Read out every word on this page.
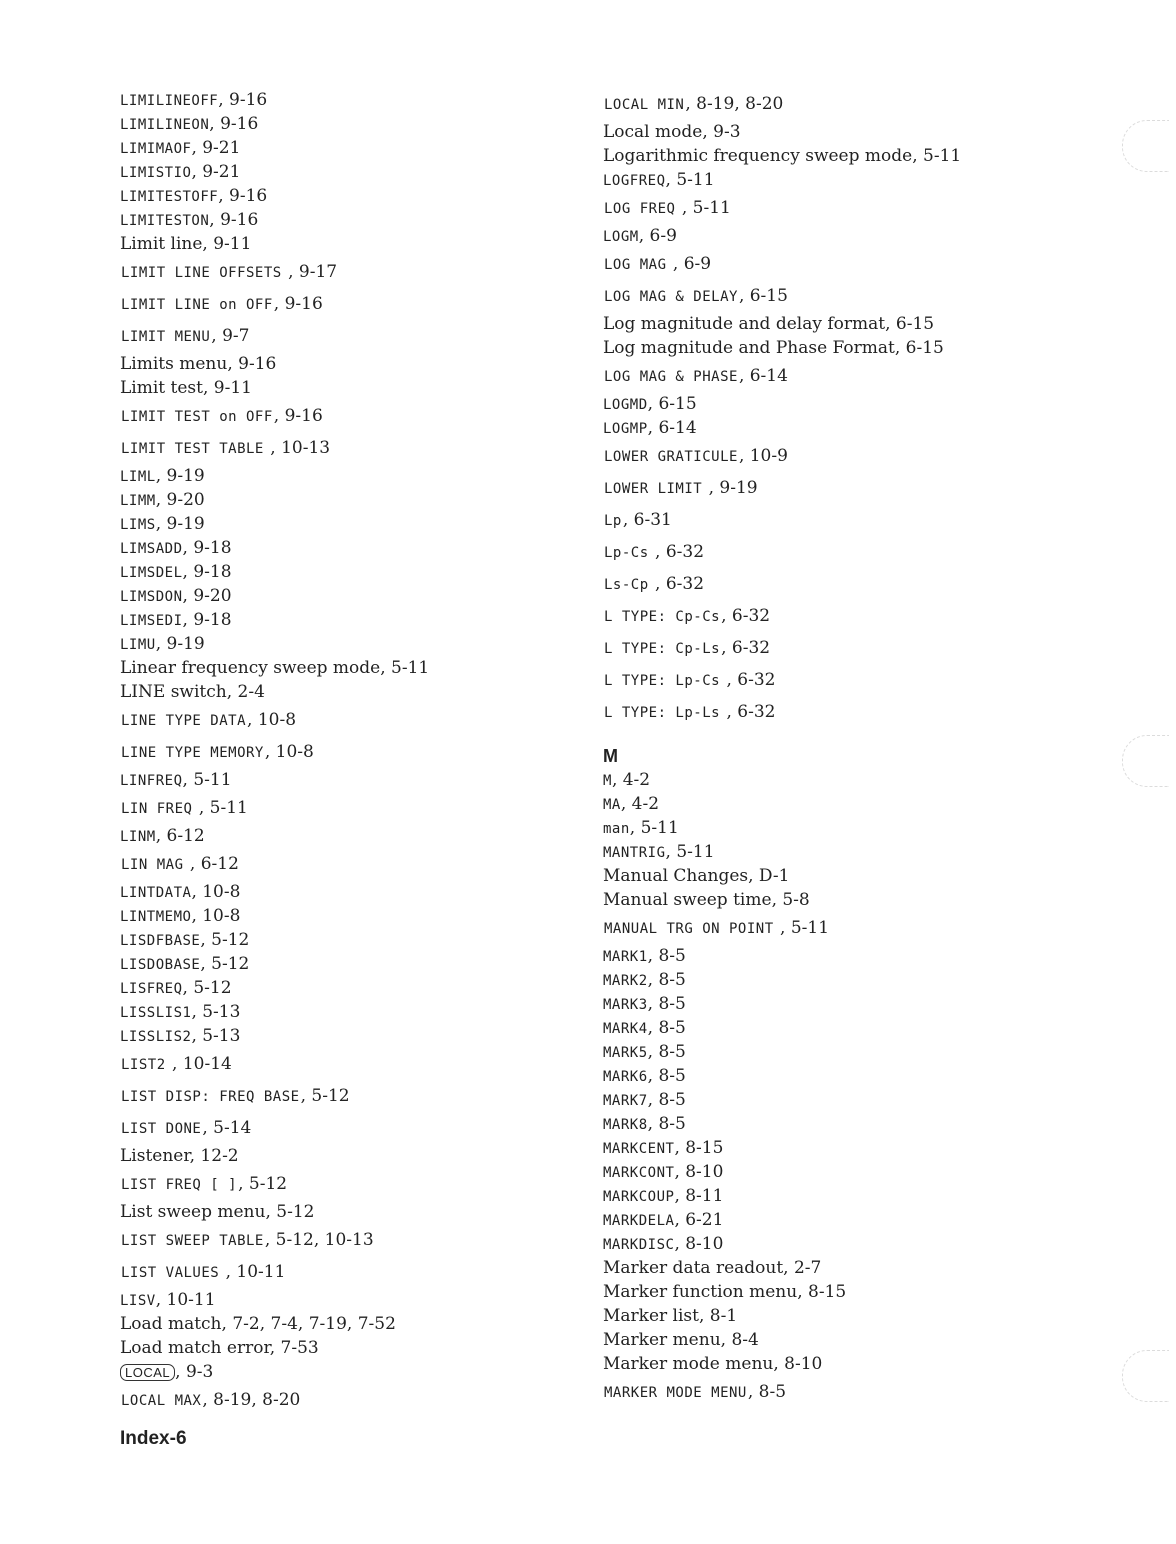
LIMILINEOFF, 9-16
LIMILINEON, 9-16
LIMIMAOF, 9-21
LIMISTIO, 9-21
LIMITESTOFF, 9-16
LIMITESTON, 9-16
Limit line, 9-11
LIMIT LINE OFFSETS , 9-17
LIMIT LINE on OFF, 9-16
LIMIT MENU, 9-7
Limits menu, 9-16
Limit test, 9-11
LIMIT TEST on OFF, 9-16
LIMIT TEST TABLE , 10-13
LIML, 9-19
LIMM, 9-20
LIMS, 9-19
LIMSADD, 9-18
LIMSDEL, 9-18
LIMSDON, 9-20
LIMSEDI, 9-18
LIMU, 9-19
Linear frequency sweep mode, 5-11
LINE switch, 2-4
LINE TYPE DATA, 10-8
LINE TYPE MEMORY, 10-8
LINFREQ, 5-11
LIN FREQ , 5-11
LINM, 6-12
LIN MAG , 6-12
LINTDATA, 10-8
LINTMEMO, 10-8
LISDFBASE, 5-12
LISDOBASE, 5-12
LISFREQ, 5-12
LISSLIS1, 5-13
LISSLIS2, 5-13
LIST2 , 10-14
LIST DISP: FREQ BASE, 5-12
LIST DONE, 5-14
Listener, 12-2
LIST FREQ [ ], 5-12
List sweep menu, 5-12
LIST SWEEP TABLE, 5-12, 10-13
LIST VALUES , 10-11
LISV, 10-11
Load match, 7-2, 7-4, 7-19, 7-52
Load match error, 7-53
LOCAL , 9-3
LOCAL MAX, 8-19, 8-20
LOCAL MIN, 8-19, 8-20
Local mode, 9-3
Logarithmic frequency sweep mode, 5-11
LOGFREQ, 5-11
LOG FREQ , 5-11
LOGM, 6-9
LOG MAG , 6-9
LOG MAG & DELAY, 6-15
Log magnitude and delay format, 6-15
Log magnitude and Phase Format, 6-15
LOG MAG & PHASE, 6-14
LOGMD, 6-15
LOGMP, 6-14
LOWER GRATICULE, 10-9
LOWER LIMIT , 9-19
Lp, 6-31
Lp-Cs , 6-32
Ls-Cp , 6-32
L TYPE: Cp-Cs, 6-32
L TYPE: Cp-Ls, 6-32
L TYPE: Lp-Cs , 6-32
L TYPE: Lp-Ls , 6-32
M
M, 4-2
MA, 4-2
man, 5-11
MANTRIG, 5-11
Manual Changes, D-1
Manual sweep time, 5-8
MANUAL TRG ON POINT , 5-11
MARK1, 8-5
MARK2, 8-5
MARK3, 8-5
MARK4, 8-5
MARK5, 8-5
MARK6, 8-5
MARK7, 8-5
MARK8, 8-5
MARKCENT, 8-15
MARKCONT, 8-10
MARKCOUP, 8-11
MARKDELA, 6-21
MARKDISC, 8-10
Marker data readout, 2-7
Marker function menu, 8-15
Marker list, 8-1
Marker menu, 8-4
Marker mode menu, 8-10
MARKER MODE MENU, 8-5
Index-6
